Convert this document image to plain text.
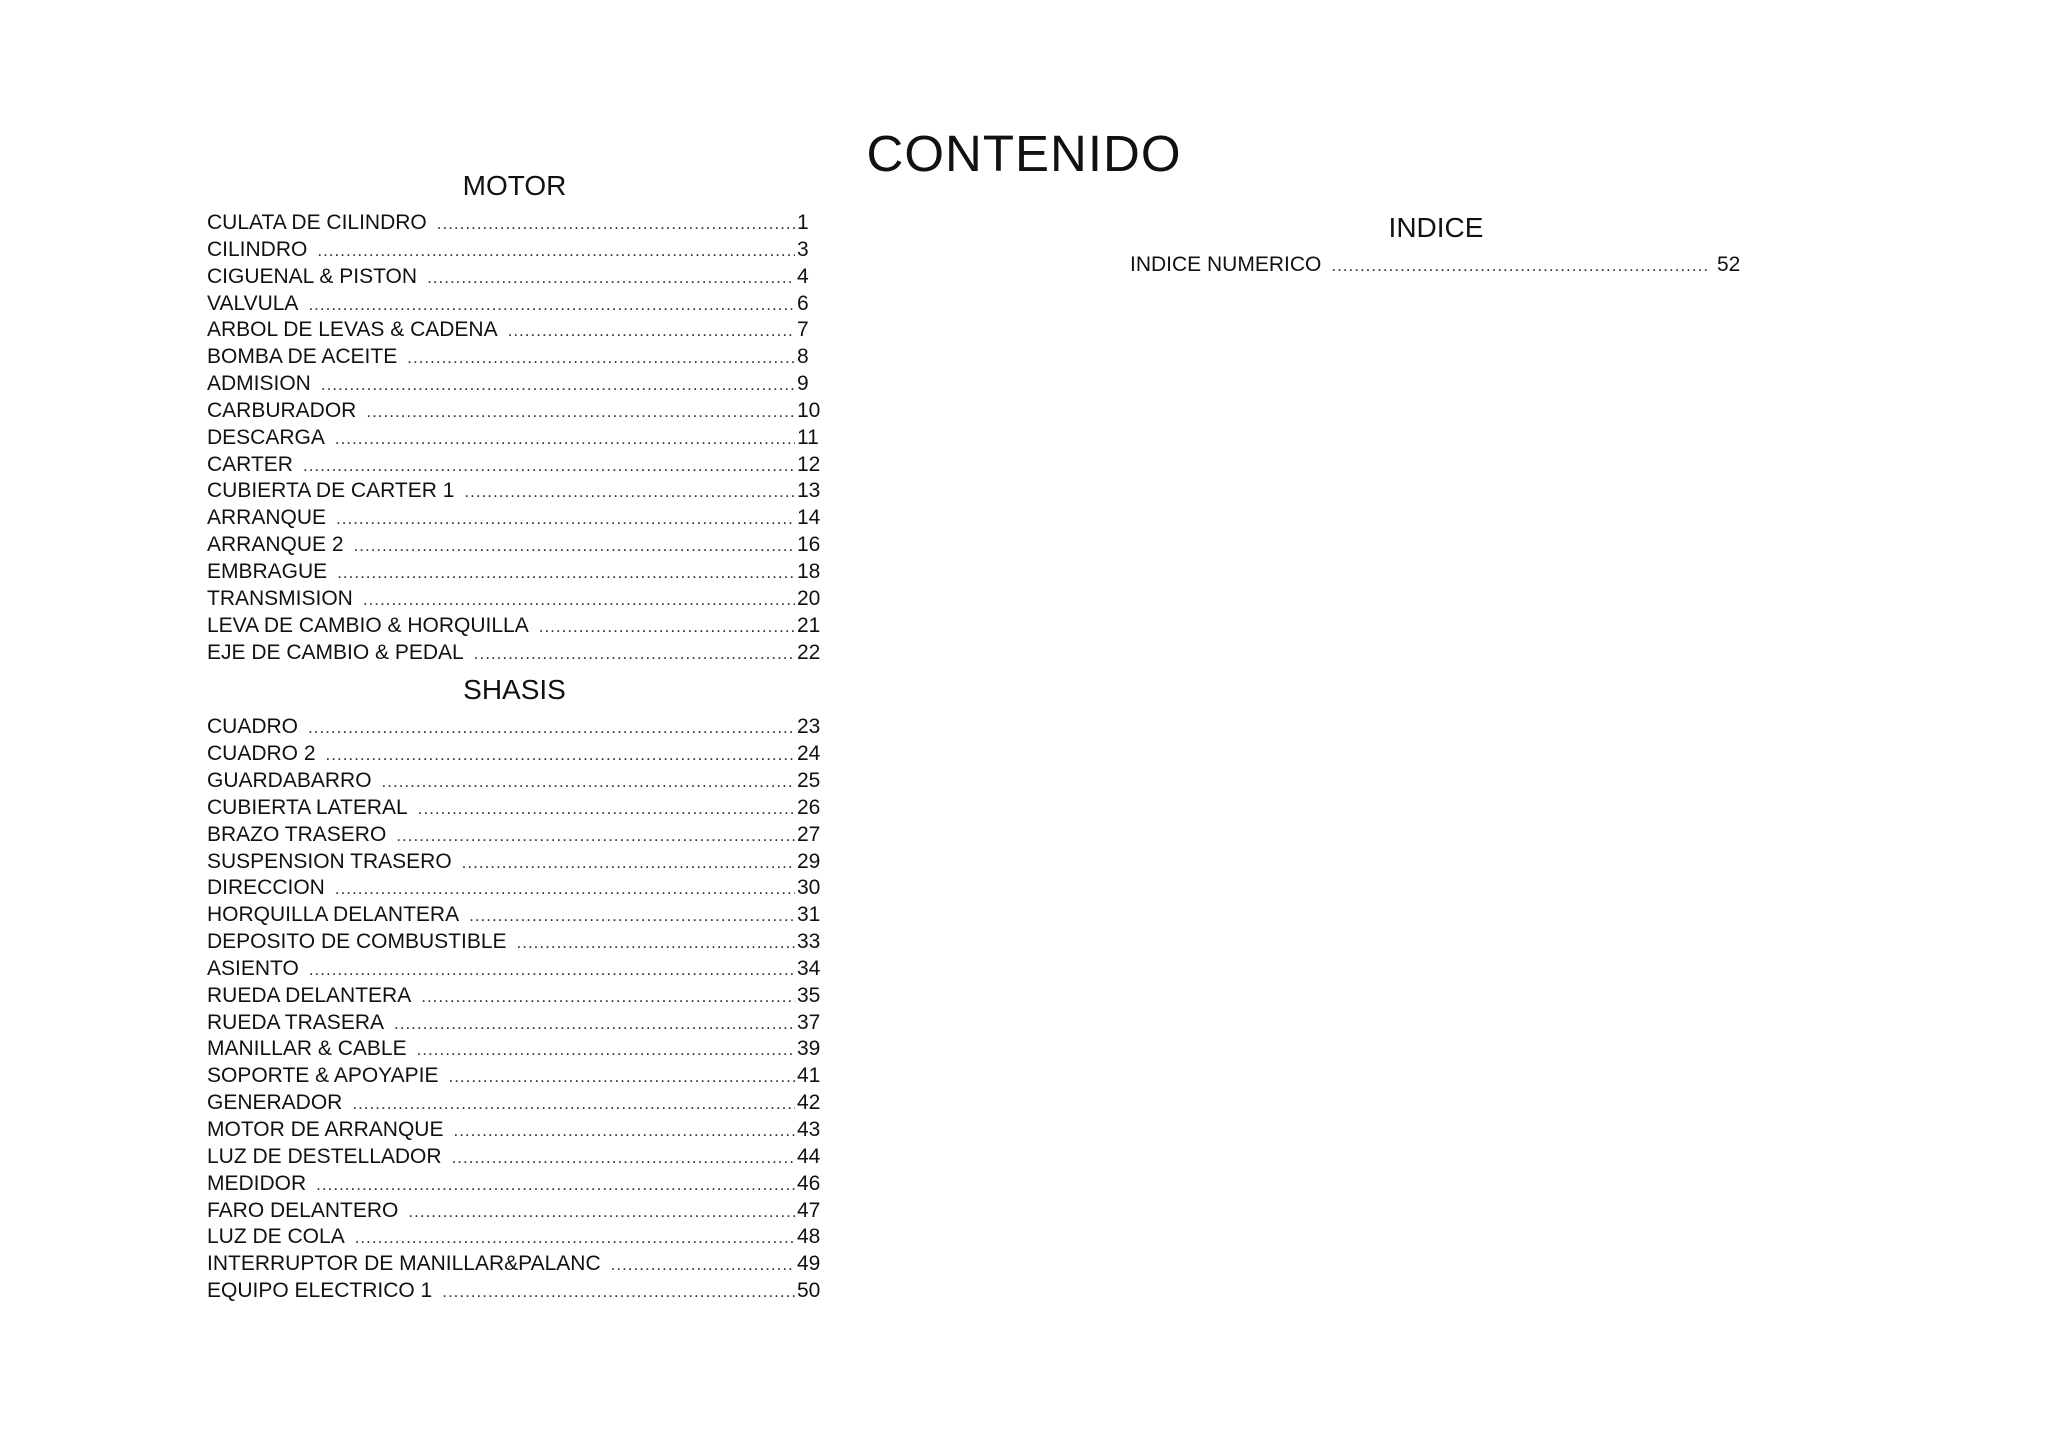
CONTENIDO
MOTOR
CULATA DE CILINDRO .....	1
CILINDRO .....	3
CIGUENAL & PISTON .....	4
VALVULA .....	6
ARBOL DE LEVAS & CADENA .....	7
BOMBA DE ACEITE .....	8
ADMISION .....	9
CARBURADOR .....	10
DESCARGA .....	11
CARTER .....	12
CUBIERTA DE CARTER 1 .....	13
ARRANQUE .....	14
ARRANQUE 2 .....	16
EMBRAGUE .....	18
TRANSMISION .....	20
LEVA DE CAMBIO & HORQUILLA .....	21
EJE DE CAMBIO & PEDAL .....	22
SHASIS
CUADRO .....	23
CUADRO 2 .....	24
GUARDABARRO .....	25
CUBIERTA LATERAL .....	26
BRAZO TRASERO .....	27
SUSPENSION TRASERO .....	29
DIRECCION .....	30
HORQUILLA DELANTERA .....	31
DEPOSITO DE COMBUSTIBLE .....	33
ASIENTO .....	34
RUEDA DELANTERA .....	35
RUEDA TRASERA .....	37
MANILLAR & CABLE .....	39
SOPORTE & APOYAPIE .....	41
GENERADOR .....	42
MOTOR DE ARRANQUE .....	43
LUZ DE DESTELLADOR .....	44
MEDIDOR .....	46
FARO DELANTERO .....	47
LUZ DE COLA .....	48
INTERRUPTOR DE MANILLAR&PALANC .....	49
EQUIPO ELECTRICO 1 .....	50
INDICE
INDICE NUMERICO .....	52
